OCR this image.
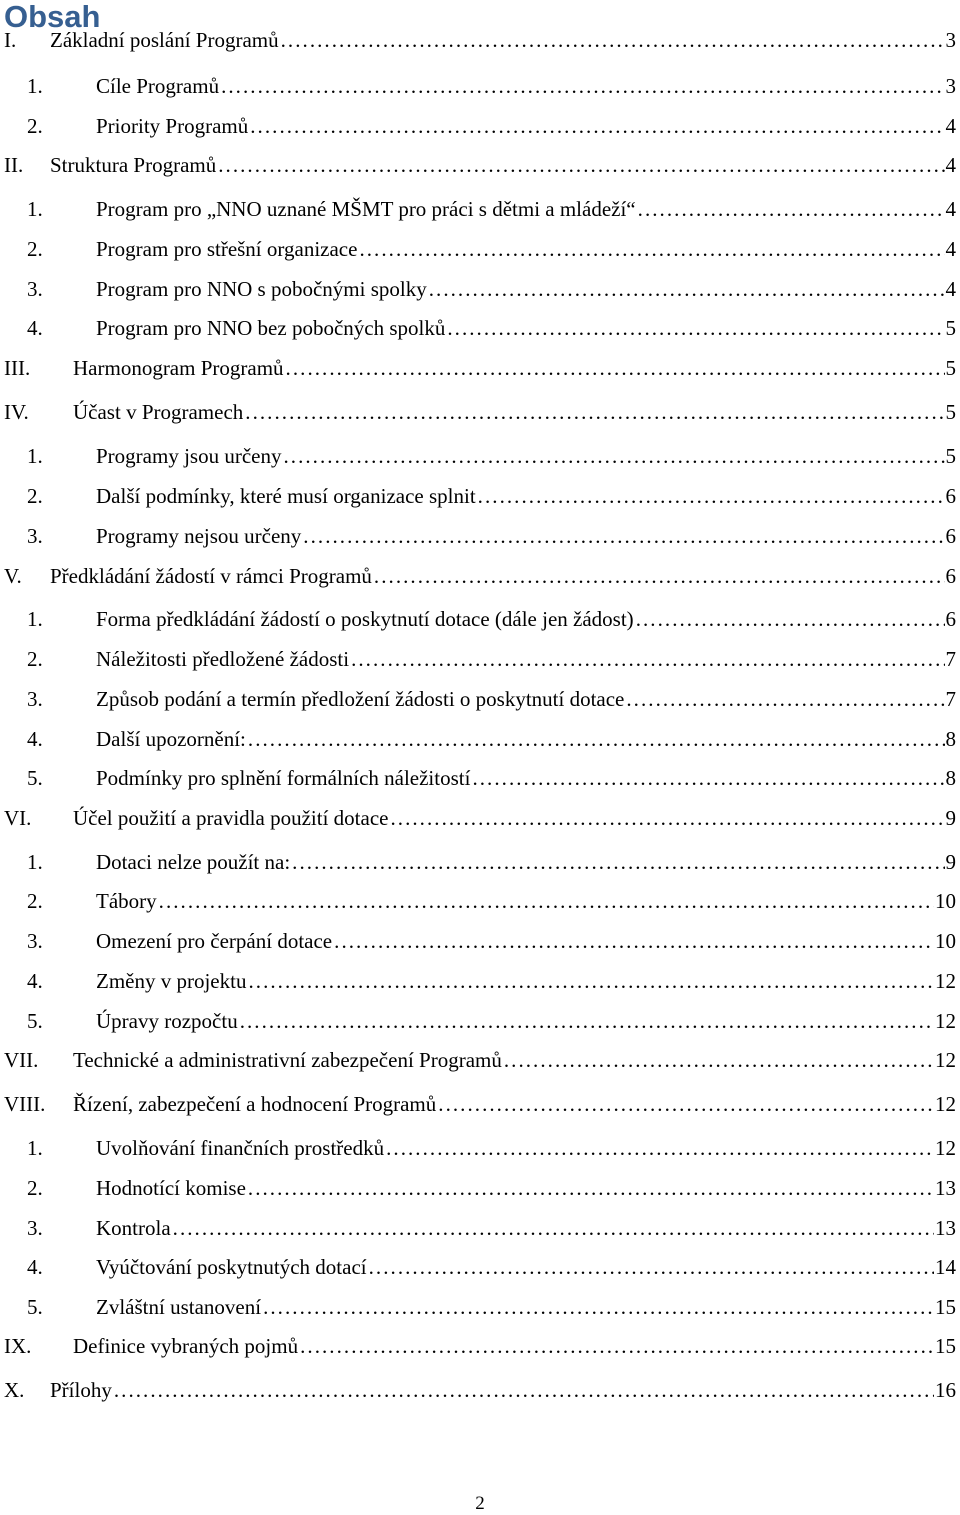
Obsah
I. Základní poslání Programů . . .	3
1.	Cíle Programů . . .	3
2.	Priority Programů . . .	4
II. Struktura Programů . . .	4
1.	Program pro „NNO uznané MŠMT pro práci s dětmi a mládeží“ . . .	4
2.	Program pro střešní organizace . . .	4
3.	Program pro NNO s pobočnými spolky . . .	4
4.	Program pro NNO bez pobočných spolků . . .	5
III. Harmonogram Programů . . .	5
IV. Účast v Programech . . .	5
1.	Programy jsou určeny . . .	5
2.	Další podmínky, které musí organizace splnit . . .	6
3.	Programy nejsou určeny . . .	6
V. Předkládání žádostí v rámci Programů . . .	6
1.	Forma předkládání žádostí o poskytnutí dotace (dále jen žádost) . . .	6
2.	Náležitosti předložené žádosti . . .	7
3.	Způsob podání a termín předložení žádosti o poskytnutí dotace . . .	7
4.	Další upozornění: . . .	8
5.	Podmínky pro splnění formálních náležitostí . . .	8
VI. Účel použití a pravidla použití dotace . . .	9
1.	Dotaci nelze použít na: . . .	9
2.	Tábory . . .	10
3.	Omezení pro čerpání dotace . . .	10
4.	Změny v projektu . . .	12
5.	Úpravy rozpočtu . . .	12
VII. Technické a administrativní zabezpečení Programů . . .	12
VIII. Řízení, zabezpečení a hodnocení Programů . . .	12
1.	Uvolňování finančních prostředků . . .	12
2.	Hodnotící komise . . .	13
3.	Kontrola . . .	13
4.	Vyúčtování poskytnutých dotací . . .	14
5.	Zvláštní ustanovení . . .	15
IX. Definice vybraných pojmů . . .	15
X. Přílohy . . .	16
2
